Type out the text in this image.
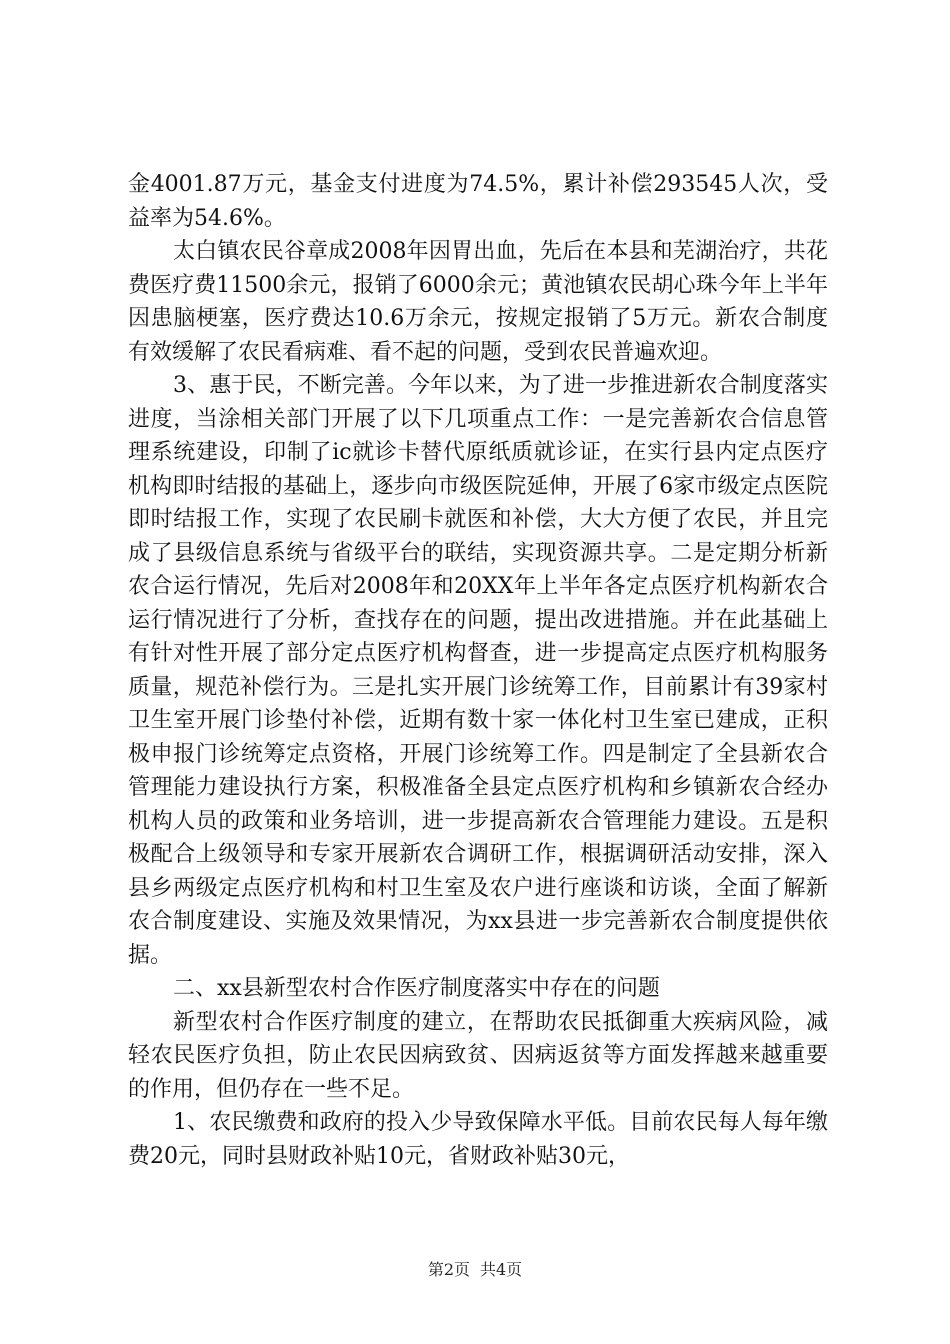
金4001.87万元，基金支付进度为74.5%，累计补偿293545人次，受益率为54.6%。

太白镇农民谷章成2008年因胃出血，先后在本县和芜湖治疗，共花费医疗费11500余元，报销了6000余元；黄池镇农民胡心珠今年上半年因患脑梗塞，医疗费达10.6万余元，按规定报销了5万元。新农合制度有效缓解了农民看病难、看不起的问题，受到农民普遍欢迎。

3、惠于民，不断完善。今年以来，为了进一步推进新农合制度落实进度，当涂相关部门开展了以下几项重点工作：一是完善新农合信息管理系统建设，印制了ic就诊卡替代原纸质就诊证，在实行县内定点医疗机构即时结报的基础上，逐步向市级医院延伸，开展了6家市级定点医院即时结报工作，实现了农民刷卡就医和补偿，大大方便了农民，并且完成了县级信息系统与省级平台的联结，实现资源共享。二是定期分析新农合运行情况，先后对2008年和20XX年上半年各定点医疗机构新农合运行情况进行了分析，查找存在的问题，提出改进措施。并在此基础上有针对性开展了部分定点医疗机构督查，进一步提高定点医疗机构服务质量，规范补偿行为。三是扎实开展门诊统筹工作，目前累计有39家村卫生室开展门诊垫付补偿，近期有数十家一体化村卫生室已建成，正积极申报门诊统筹定点资格，开展门诊统筹工作。四是制定了全县新农合管理能力建设执行方案，积极准备全县定点医疗机构和乡镇新农合经办机构人员的政策和业务培训，进一步提高新农合管理能力建设。五是积极配合上级领导和专家开展新农合调研工作，根据调研活动安排，深入县乡两级定点医疗机构和村卫生室及农户进行座谈和访谈，全面了解新农合制度建设、实施及效果情况，为xx县进一步完善新农合制度提供依据。

二、xx县新型农村合作医疗制度落实中存在的问题

新型农村合作医疗制度的建立，在帮助农民抵御重大疾病风险，减轻农民医疗负担，防止农民因病致贫、因病返贫等方面发挥越来越重要的作用，但仍存在一些不足。

1、农民缴费和政府的投入少导致保障水平低。目前农民每人每年缴费20元，同时县财政补贴10元，省财政补贴30元，

第2页 共4页
